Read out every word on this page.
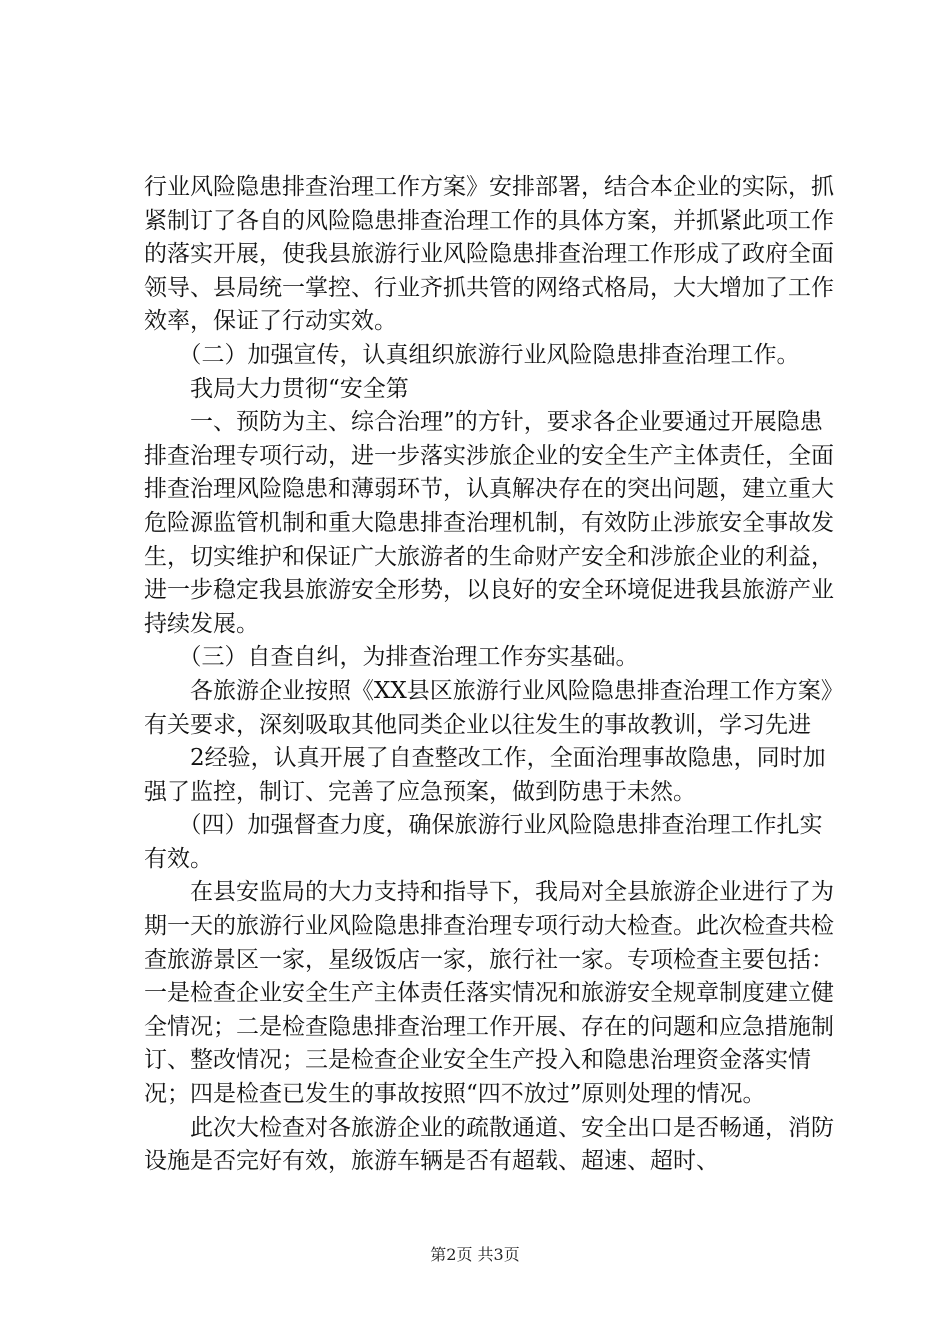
行业风险隐患排查治理工作方案》安排部署，结合本企业的实际，抓紧制订了各自的风险隐患排查治理工作的具体方案，并抓紧此项工作的落实开展，使我县旅游行业风险隐患排查治理工作形成了政府全面领导、县局统一掌控、行业齐抓共管的网络式格局，大大增加了工作效率，保证了行动实效。

　　（二）加强宣传，认真组织旅游行业风险隐患排查治理工作。

　　我局大力贯彻“安全第

　　一、预防为主、综合治理”的方针，要求各企业要通过开展隐患排查治理专项行动，进一步落实涉旅企业的安全生产主体责任，全面排查治理风险隐患和薄弱环节，认真解决存在的突出问题，建立重大危险源监管机制和重大隐患排查治理机制，有效防止涉旅安全事故发生，切实维护和保证广大旅游者的生命财产安全和涉旅企业的利益，进一步稳定我县旅游安全形势，以良好的安全环境促进我县旅游产业持续发展。

　　（三）自查自纠，为排查治理工作夯实基础。

　　各旅游企业按照《XX县区旅游行业风险隐患排查治理工作方案》有关要求，深刻吸取其他同类企业以往发生的事故教训，学习先进

　　2经验，认真开展了自查整改工作，全面治理事故隐患，同时加强了监控，制订、完善了应急预案，做到防患于未然。

　　（四）加强督查力度，确保旅游行业风险隐患排查治理工作扎实有效。

　　在县安监局的大力支持和指导下，我局对全县旅游企业进行了为期一天的旅游行业风险隐患排查治理专项行动大检查。此次检查共检查旅游景区一家，星级饭店一家，旅行社一家。专项检查主要包括：一是检查企业安全生产主体责任落实情况和旅游安全规章制度建立健全情况；二是检查隐患排查治理工作开展、存在的问题和应急措施制订、整改情况；三是检查企业安全生产投入和隐患治理资金落实情况；四是检查已发生的事故按照“四不放过”原则处理的情况。

　　此次大检查对各旅游企业的疏散通道、安全出口是否畅通，消防设施是否完好有效，旅游车辆是否有超载、超速、超时、

第2页 共3页
